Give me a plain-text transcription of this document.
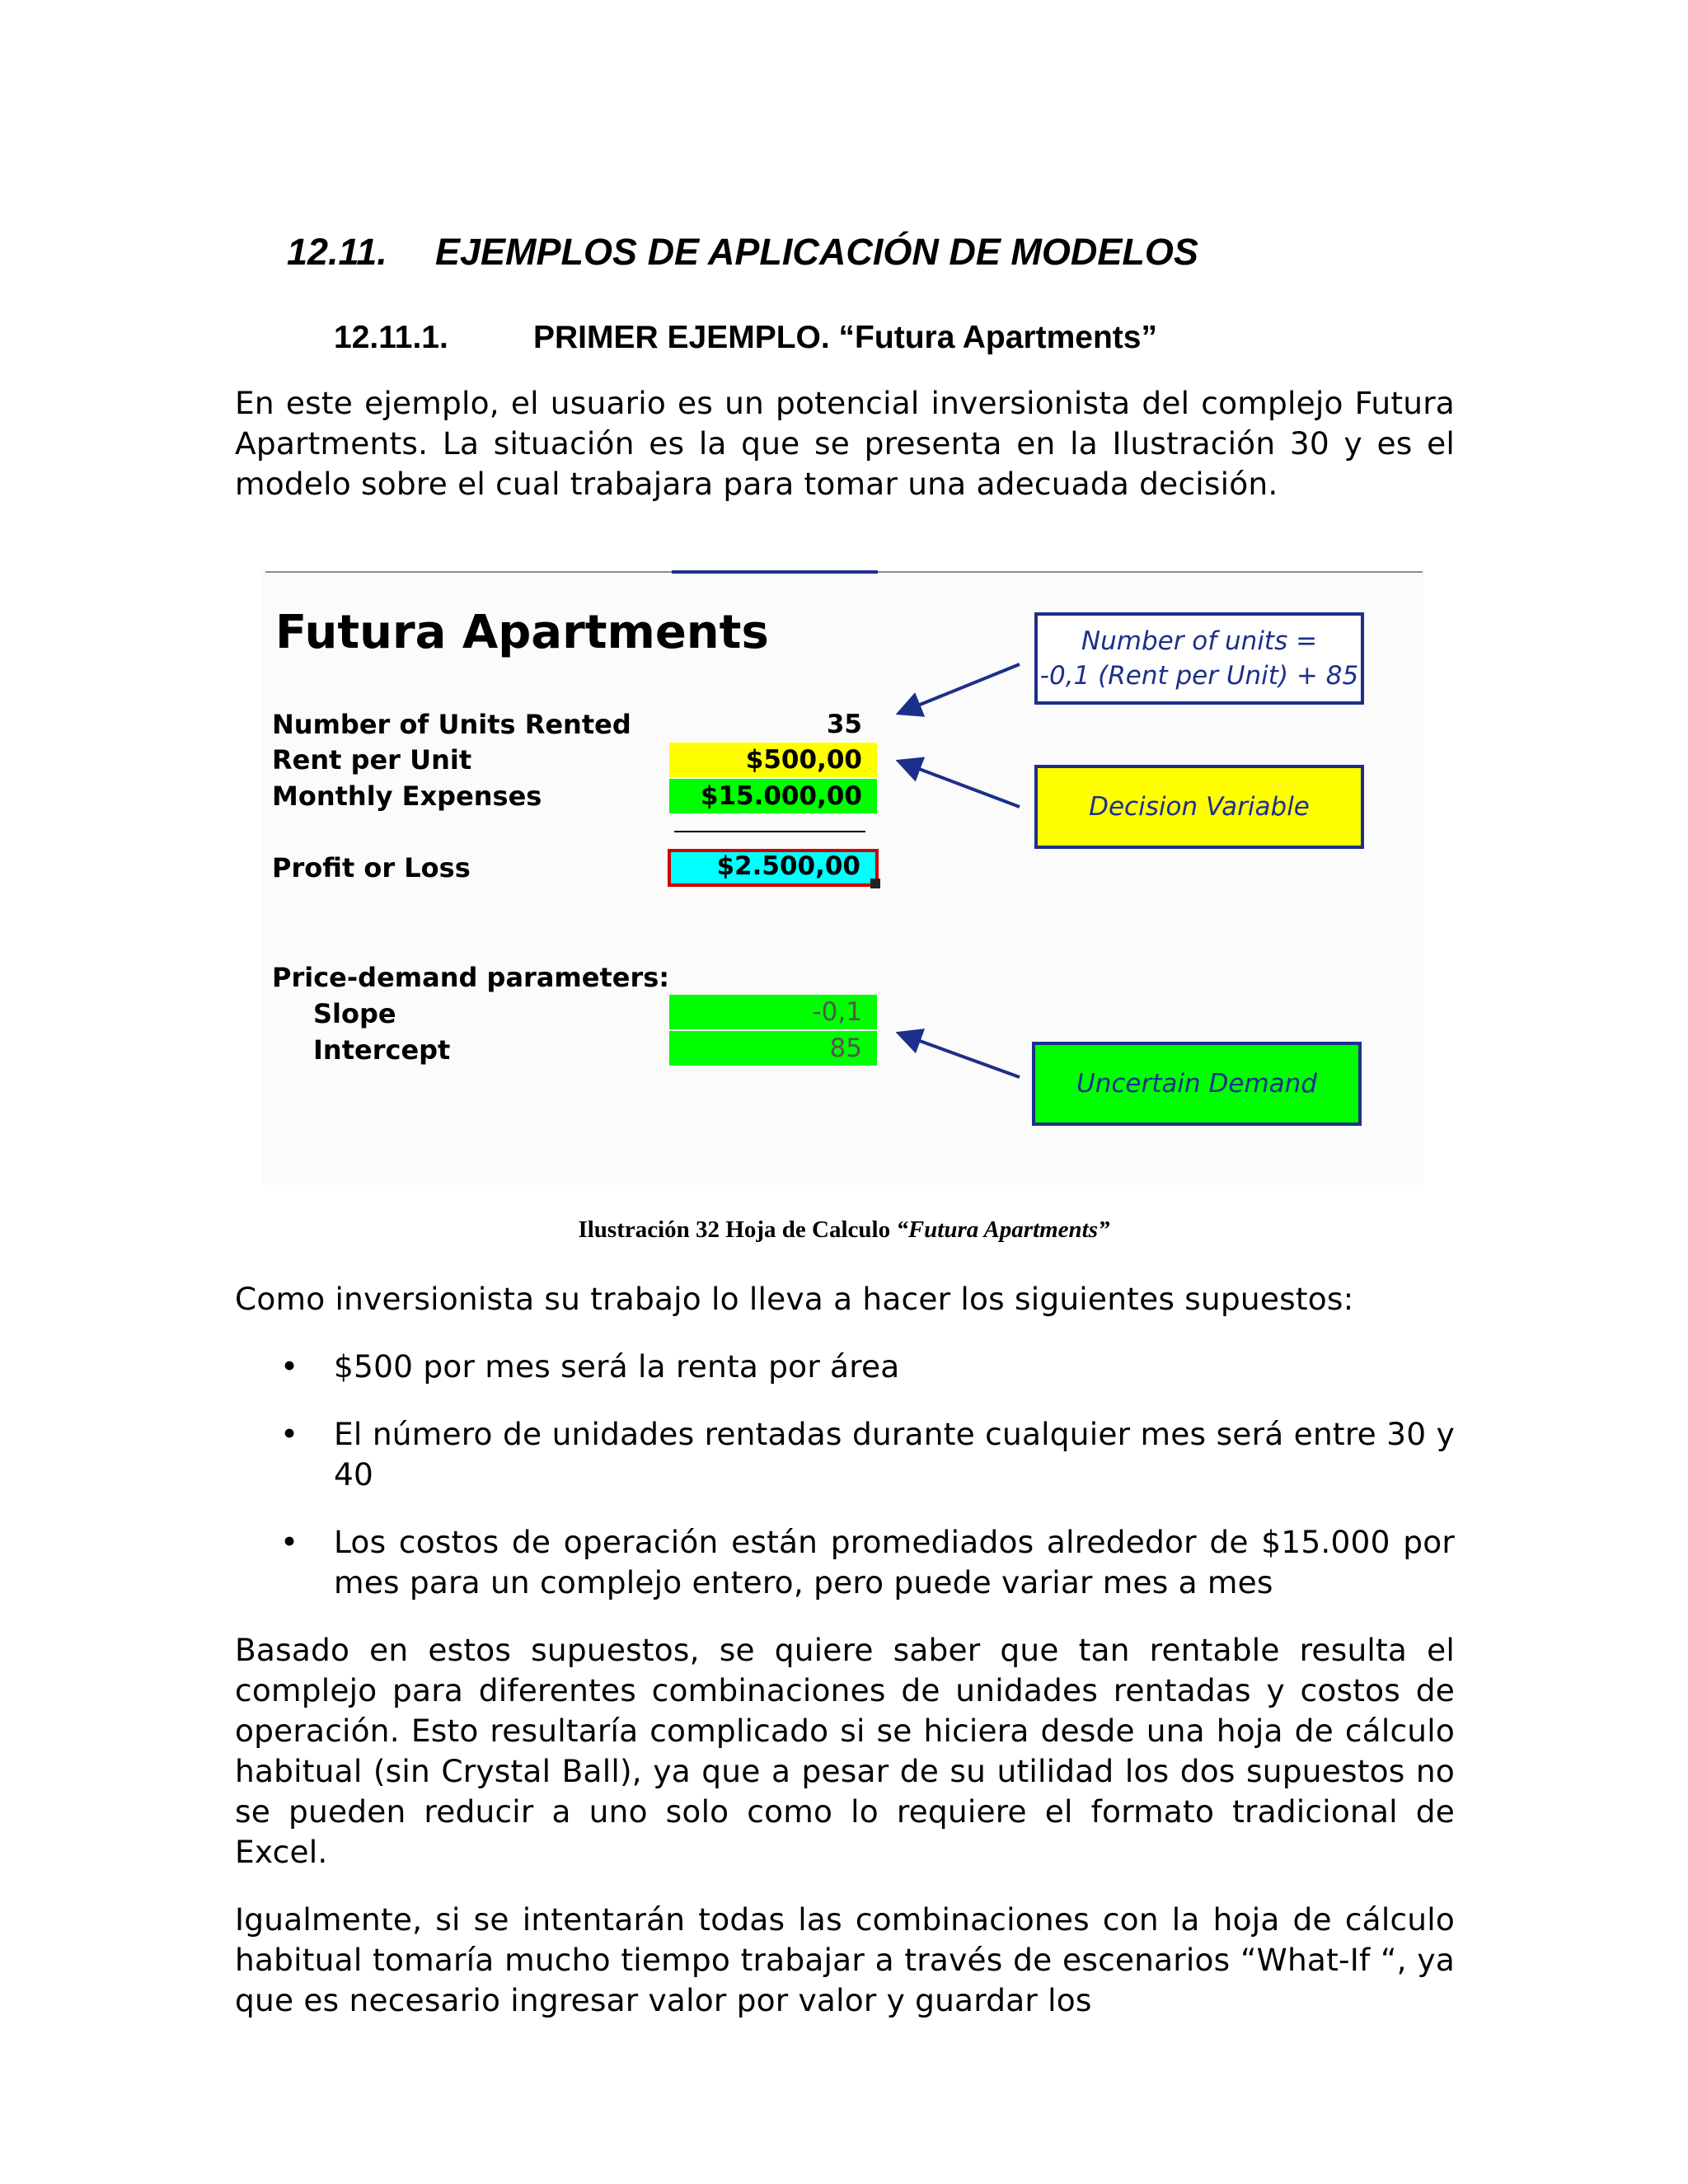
12.11. EJEMPLOS DE APLICACIÓN DE MODELOS
12.11.1.	PRIMER EJEMPLO. “Futura Apartments”

En este ejemplo, el usuario es un potencial inversionista del complejo Futura Apartments. La situación es la que se presenta en la Ilustración 30 y es el modelo sobre el cual trabajara para tomar una adecuada decisión.

Futura Apartments
Number of Units Rented	35
Rent per Unit	$500,00
Monthly Expenses	$15.000,00
Profit or Loss	$2.500,00
Price-demand parameters:
Slope	-0,1
Intercept	85
Number of units =
-0,1 (Rent per Unit) + 85
Decision Variable
Uncertain Demand
Ilustración 32 Hoja de Calculo “Futura Apartments”

Como inversionista su trabajo lo lleva a hacer los siguientes supuestos:

• $500 por mes será la renta por área

• El número de unidades rentadas durante cualquier mes será entre 30 y 40

• Los costos de operación están promediados alrededor de $15.000 por mes para un complejo entero, pero puede variar mes a mes

Basado en estos supuestos, se quiere saber que tan rentable resulta el complejo para diferentes combinaciones de unidades rentadas y costos de operación. Esto resultaría complicado si se hiciera desde una hoja de cálculo habitual (sin Crystal Ball), ya que a pesar de su utilidad los dos supuestos no se pueden reducir a uno solo como lo requiere el formato tradicional de Excel.

Igualmente, si se intentarán todas las combinaciones con la hoja de cálculo habitual tomaría mucho tiempo trabajar a través de escenarios “What-If “, ya que es necesario ingresar valor por valor y guardar los
